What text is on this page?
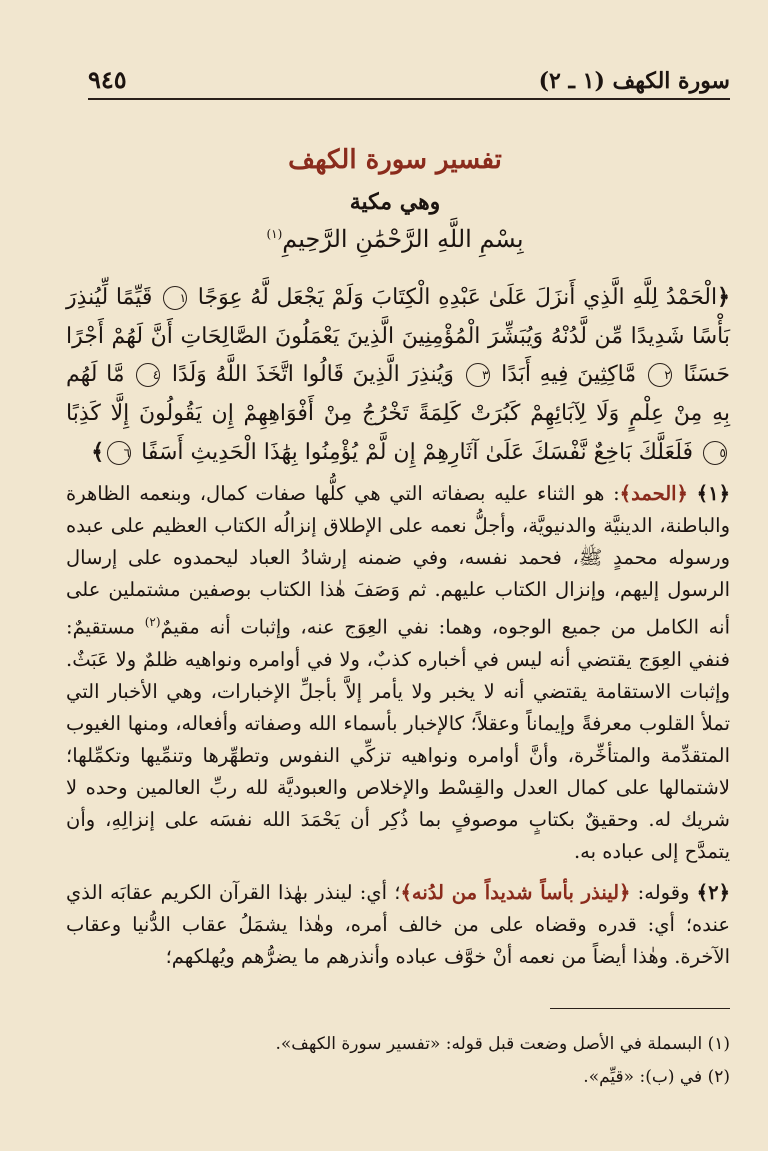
سورة الكهف (١ ـ ٢)
٩٤٥
تفسير سورة الكهف
وهي مكية
بِسْمِ اللَّهِ الرَّحْمَٰنِ الرَّحِيمِ$^{(١)}$

﴿الْحَمْدُ لِلَّهِ الَّذِي أَنزَلَ عَلَىٰ عَبْدِهِ الْكِتَابَ وَلَمْ يَجْعَل لَّهُ عِوَجًا ١ قَيِّمًا لِّيُنذِرَ بَأْسًا شَدِيدًا مِّن لَّدُنْهُ وَيُبَشِّرَ الْمُؤْمِنِينَ الَّذِينَ يَعْمَلُونَ الصَّالِحَاتِ أَنَّ لَهُمْ أَجْرًا حَسَنًا ٢ مَّاكِثِينَ فِيهِ أَبَدًا ٣ وَيُنذِرَ الَّذِينَ قَالُوا اتَّخَذَ اللَّهُ وَلَدًا ٤ مَّا لَهُم بِهِ مِنْ عِلْمٍ وَلَا لِآبَائِهِمْ كَبُرَتْ كَلِمَةً تَخْرُجُ مِنْ أَفْوَاهِهِمْ إِن يَقُولُونَ إِلَّا كَذِبًا ٥ فَلَعَلَّكَ بَاخِعٌ نَّفْسَكَ عَلَىٰ آثَارِهِمْ إِن لَّمْ يُؤْمِنُوا بِهَٰذَا الْحَدِيثِ أَسَفًا ٦﴾

﴿١﴾ ﴿الحمد﴾: هو الثناء عليه بصفاته التي هي كلُّها صفات كمال، وبنعمه الظاهرة والباطنة، الدينيَّة والدنيويَّة، وأجلُّ نعمه على الإطلاق إنزالُه الكتاب العظيم على عبده ورسوله محمدٍ ﷺ، فحمد نفسه، وفي ضمنه إرشادُ العباد ليحمدوه على إرسال الرسول إليهم، وإنزال الكتاب عليهم. ثم وَصَفَ هٰذا الكتاب بوصفين مشتملين على أنه الكامل من جميع الوجوه، وهما: نفي العِوَج عنه، وإثبات أنه مقيمٌ$^{(٢)}$ مستقيمٌ: فنفي العِوَج يقتضي أنه ليس في أخباره كذبٌ، ولا في أوامره ونواهيه ظلمٌ ولا عَبَثٌ. وإثبات الاستقامة يقتضي أنه لا يخبر ولا يأمر إلاَّ بأجلِّ الإخبارات، وهي الأخبار التي تملأ القلوب معرفةً وإيماناً وعقلاً؛ كالإخبار بأسماء الله وصفاته وأفعاله، ومنها الغيوب المتقدِّمة والمتأخِّرة، وأنَّ أوامره ونواهيه تزكِّي النفوس وتطهِّرها وتنمِّيها وتكمِّلها؛ لاشتمالها على كمال العدل والقِسْط والإخلاص والعبوديَّة لله ربِّ العالمين وحده لا شريك له. وحقيقٌ بكتابٍ موصوفٍ بما ذُكِر أن يَحْمَدَ الله نفسَه على إنزالِهِ، وأن يتمدَّح إلى عباده به.

﴿٢﴾ وقوله: ﴿لينذر بأساً شديداً من لدُنه﴾؛ أي: لينذر بهٰذا القرآن الكريم عقابَه الذي عنده؛ أي: قدره وقضاه على من خالف أمره، وهٰذا يشمَلُ عقاب الدُّنيا وعقاب الآخرة. وهٰذا أيضاً من نعمه أنْ خوَّف عباده وأنذرهم ما يضرُّهم ويُهلكهم؛

(١) البسملة في الأصل وضعت قبل قوله: «تفسير سورة الكهف».
(٢) في (ب): «قيِّم».
